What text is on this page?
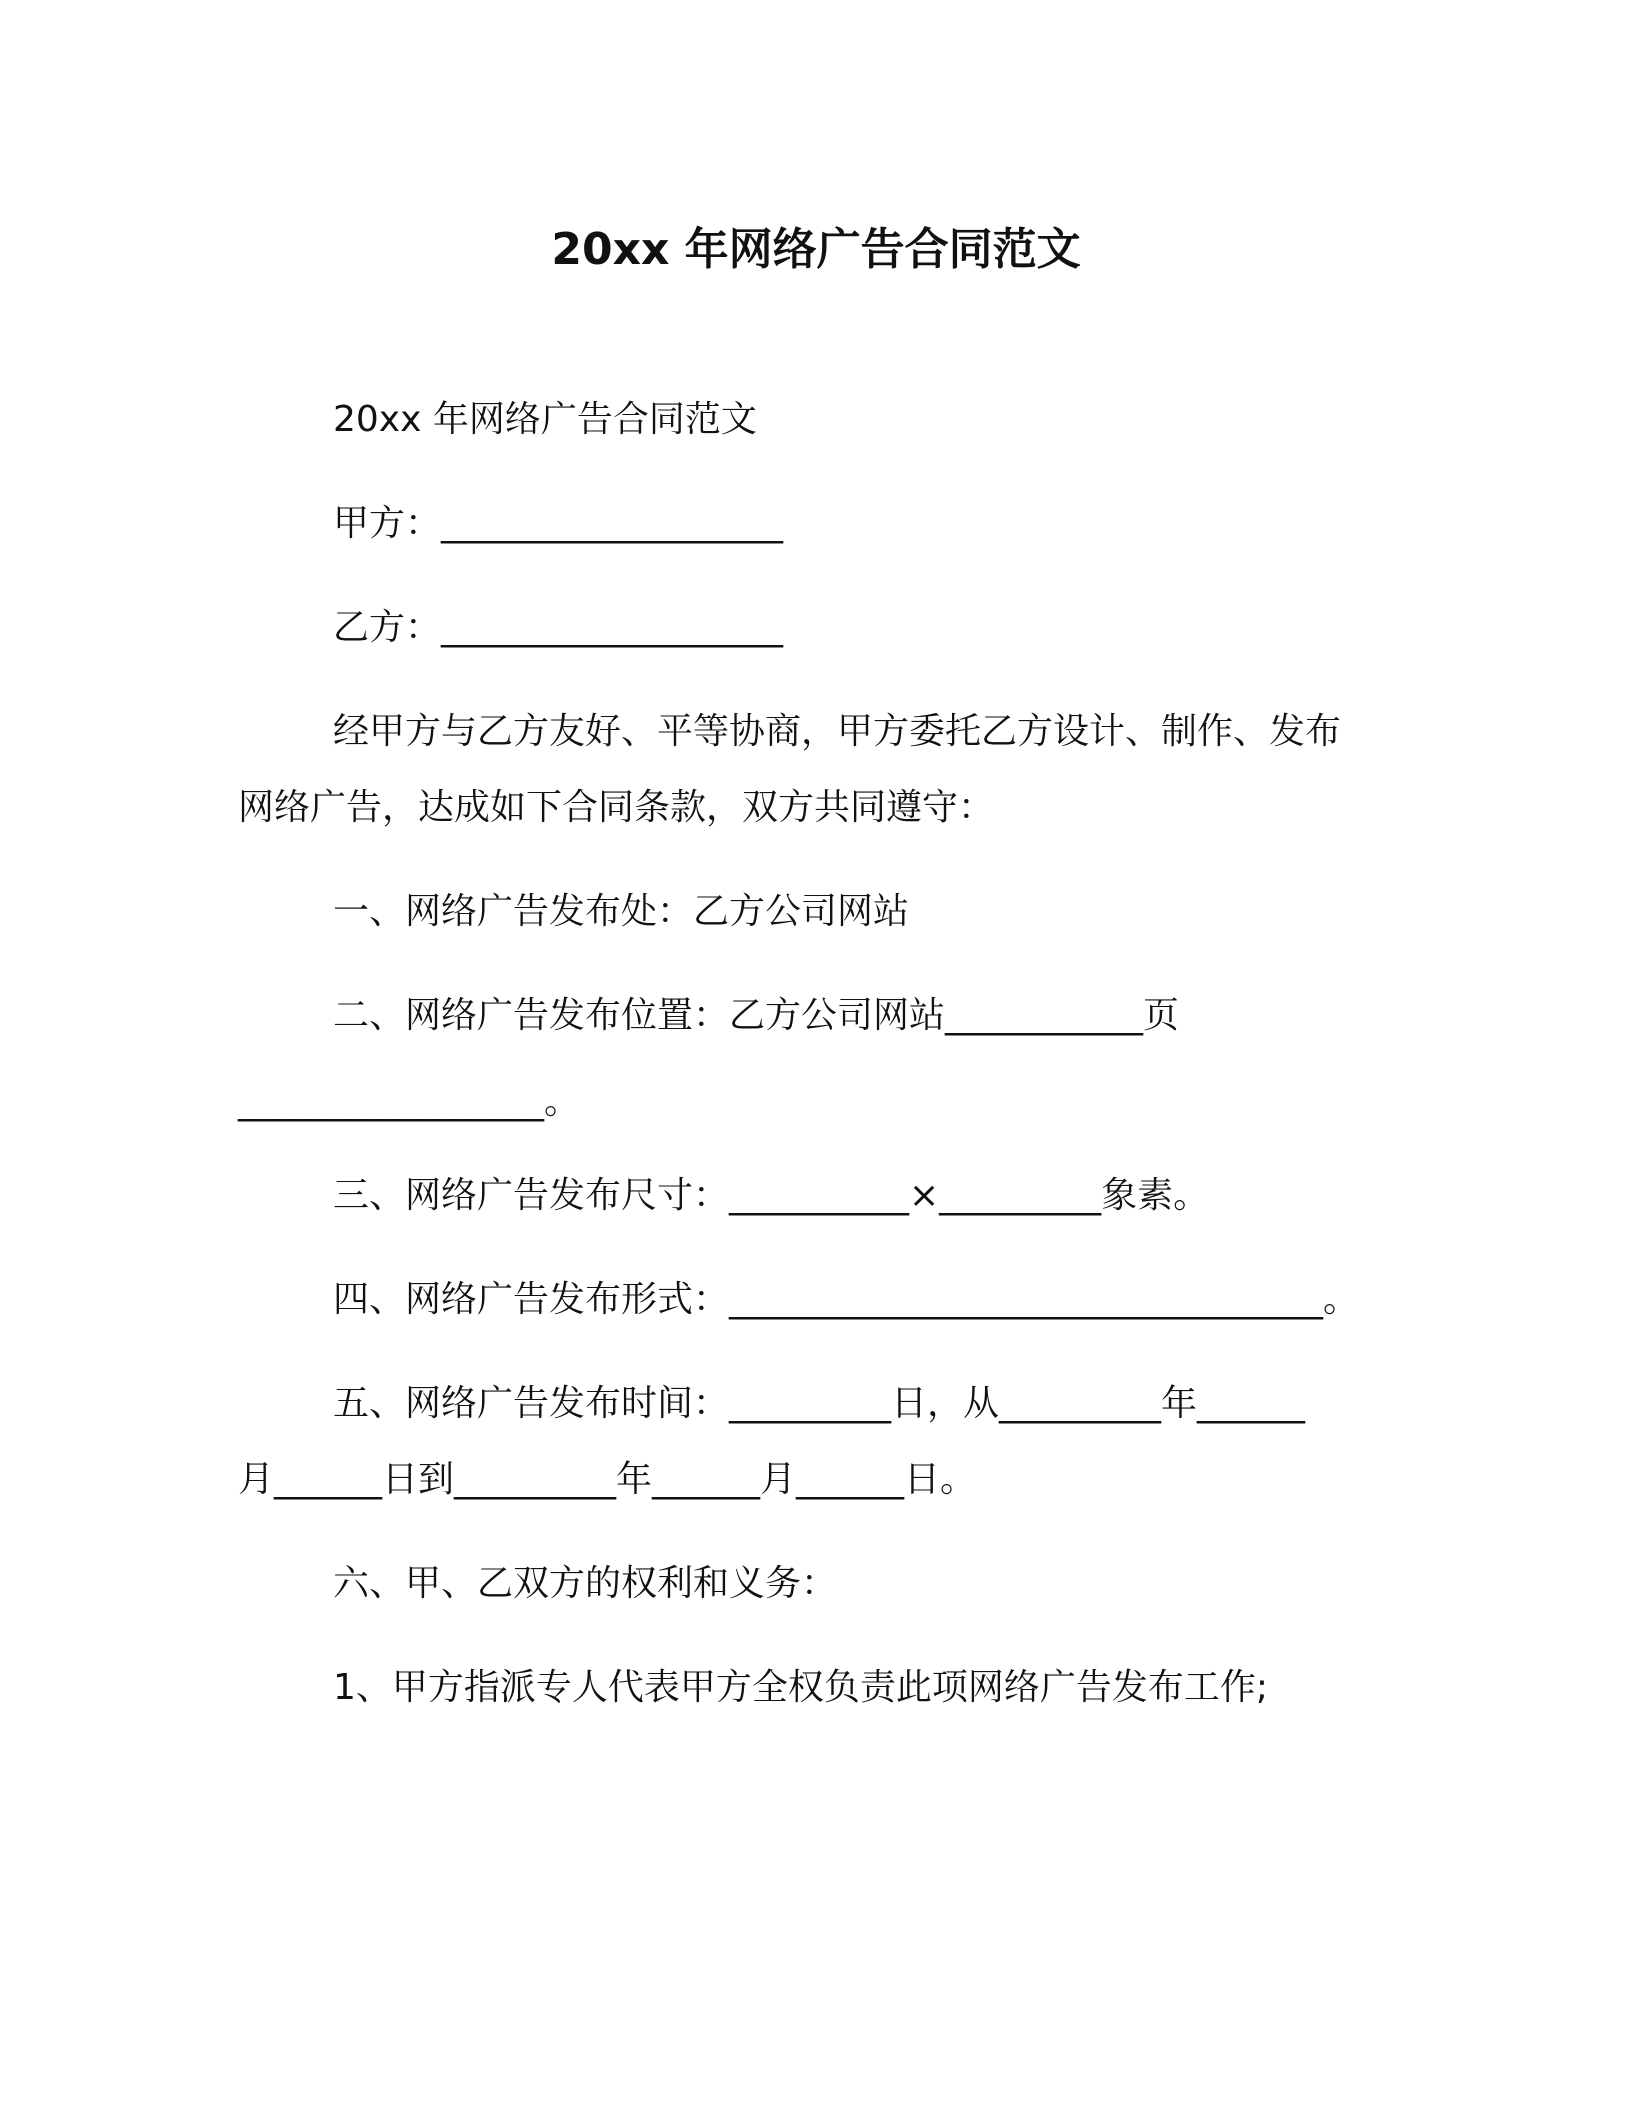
20xx 年网络广告合同范文
20xx 年网络广告合同范文
甲方：___________________
乙方：___________________
经甲方与乙方友好、平等协商，甲方委托乙方设计、制作、发布
网络广告，达成如下合同条款，双方共同遵守：
一、网络广告发布处：乙方公司网站
二、网络广告发布位置：乙方公司网站___________页
_________________。
三、网络广告发布尺寸：__________×_________象素。
四、网络广告发布形式：_________________________________。
五、网络广告发布时间：_________日，从_________年______
月______日到_________年______月______日。
六、甲、乙双方的权利和义务：
1、甲方指派专人代表甲方全权负责此项网络广告发布工作;
